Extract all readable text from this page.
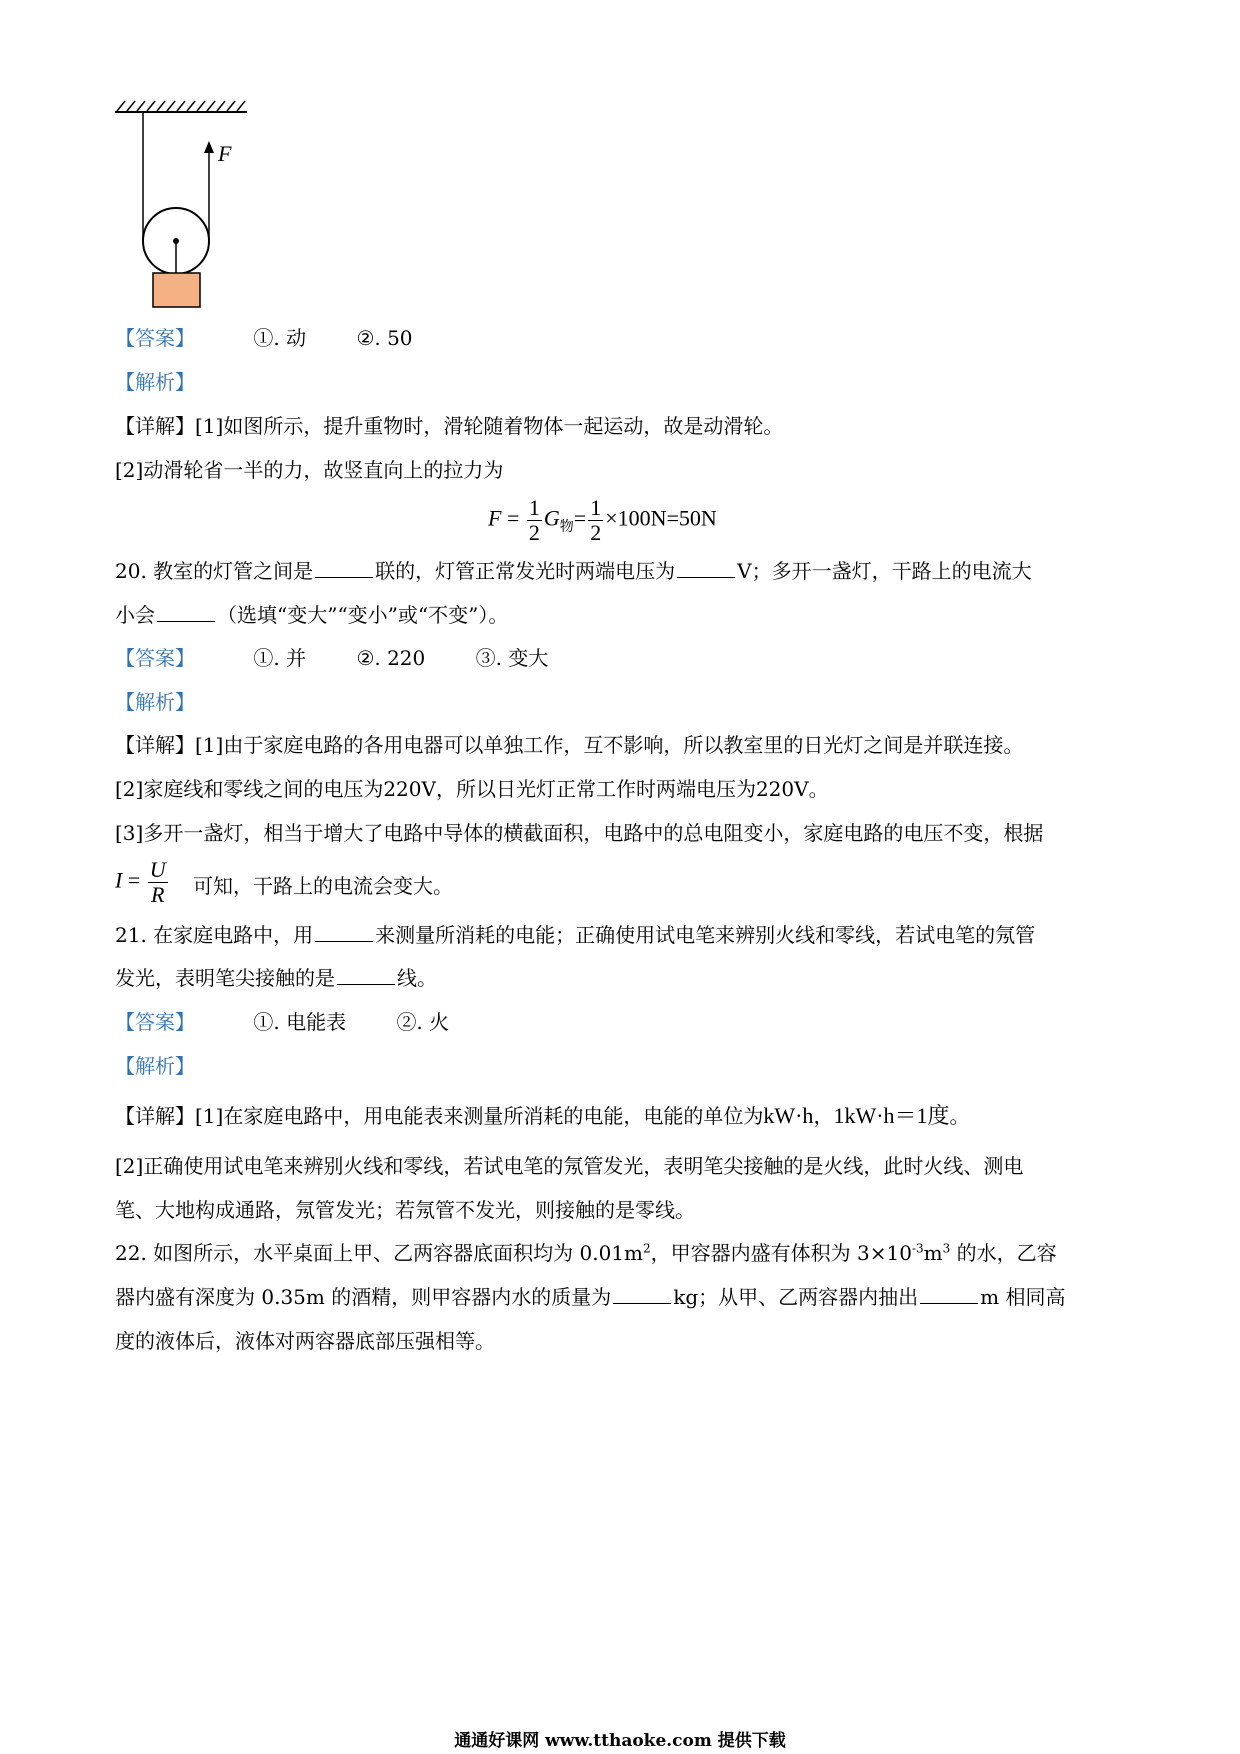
F
【答案】	①. 动	②. 50
【解析】
【详解】[1]如图所示，提升重物时，滑轮随着物体一起运动，故是动滑轮。
[2]动滑轮省一半的力，故竖直向上的拉力为
$F = \frac{1}{2} G_物= \frac{1}{2} \times 100N=50N$
20. 教室的灯管之间是	联的，灯管正常发光时两端电压为	V；多开一盏灯，干路上的电流大
小会	（选填“变大”“变小”或“不变”）。
【答案】	①. 并	②. 220	③. 变大
【解析】
【详解】[1]由于家庭电路的各用电器可以单独工作，互不影响，所以教室里的日光灯之间是并联连接。
[2]家庭线和零线之间的电压为220V，所以日光灯正常工作时两端电压为220V。
[3]多开一盏灯，相当于增大了电路中导体的横截面积，电路中的总电阻变小，家庭电路的电压不变，根据
$I = \frac{U}{R}$ 可知，干路上的电流会变大。
21. 在家庭电路中，用	来测量所消耗的电能；正确使用试电笔来辨别火线和零线，若试电笔的氖管
发光，表明笔尖接触的是	线。
【答案】	①. 电能表	②. 火
【解析】
【详解】[1]在家庭电路中，用电能表来测量所消耗的电能，电能的单位为kW·h，1kW·h＝1度。
[2]正确使用试电笔来辨别火线和零线，若试电笔的氖管发光，表明笔尖接触的是火线，此时火线、测电
笔、大地构成通路，氖管发光；若氖管不发光，则接触的是零线。
22. 如图所示，水平桌面上甲、乙两容器底面积均为 $0.01m^2$，甲容器内盛有体积为 $3\times 10^{-3}m^3$ 的水，乙容
器内盛有深度为 0.35m 的酒精，则甲容器内水的质量为	kg；从甲、乙两容器内抽出	m 相同高
度的液体后，液体对两容器底部压强相等。
通通好课网 www.tthaoke.com 提供下载
